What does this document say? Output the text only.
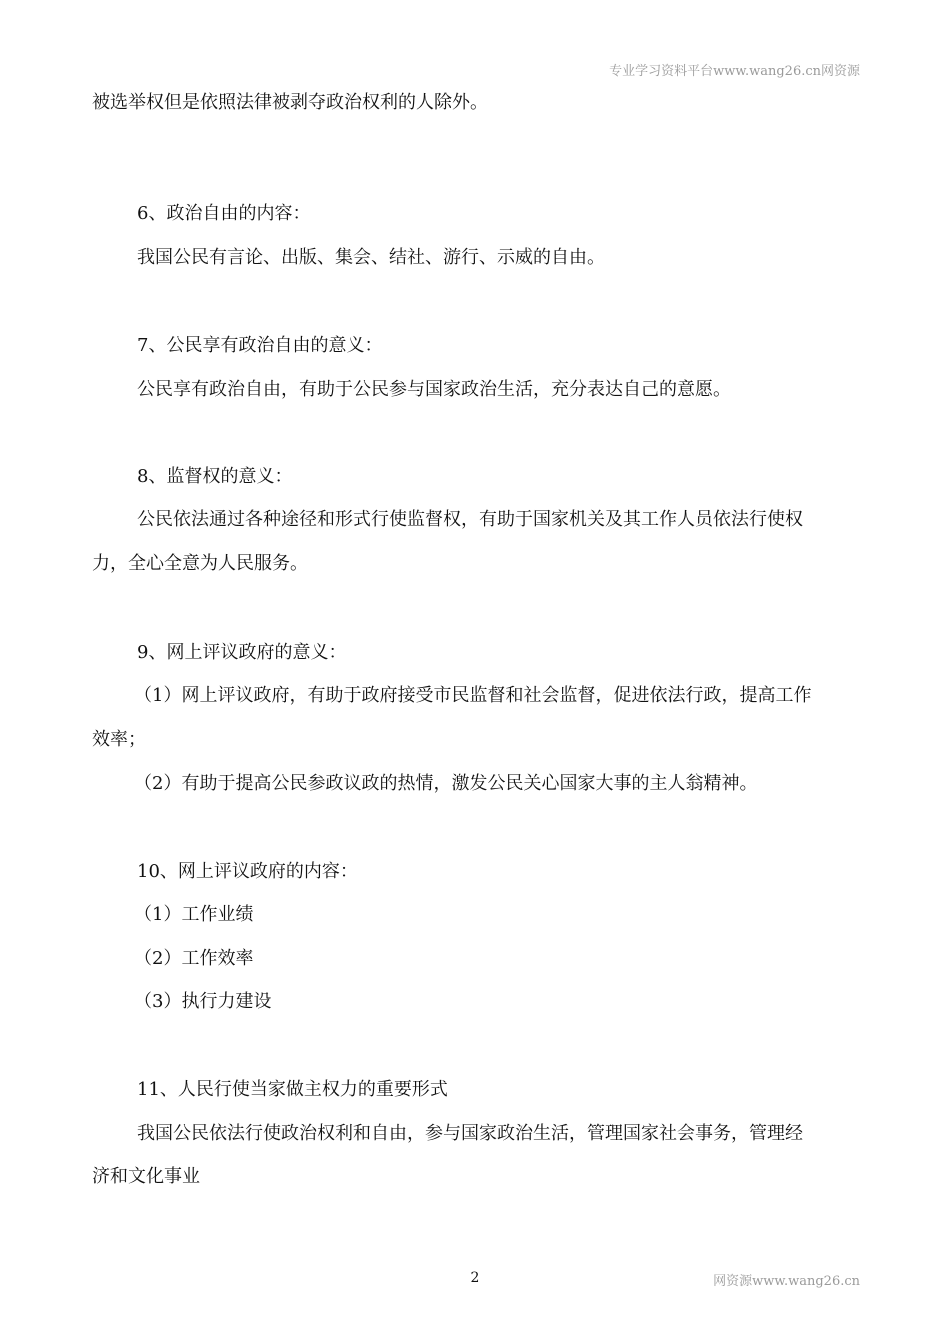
专业学习资料平台www.wang26.cn网资源
被选举权但是依照法律被剥夺政治权利的人除外。
6、政治自由的内容：
我国公民有言论、出版、集会、结社、游行、示威的自由。
7、公民享有政治自由的意义：
公民享有政治自由，有助于公民参与国家政治生活，充分表达自己的意愿。
8、监督权的意义：
公民依法通过各种途径和形式行使监督权，有助于国家机关及其工作人员依法行使权
力，全心全意为人民服务。
9、网上评议政府的意义：
（1）网上评议政府，有助于政府接受市民监督和社会监督，促进依法行政，提高工作
效率；
（2）有助于提高公民参政议政的热情，激发公民关心国家大事的主人翁精神。
10、网上评议政府的内容：
（1）工作业绩
（2）工作效率
（3）执行力建设
11、人民行使当家做主权力的重要形式
我国公民依法行使政治权利和自由，参与国家政治生活，管理国家社会事务，管理经
济和文化事业
2	网资源www.wang26.cn
